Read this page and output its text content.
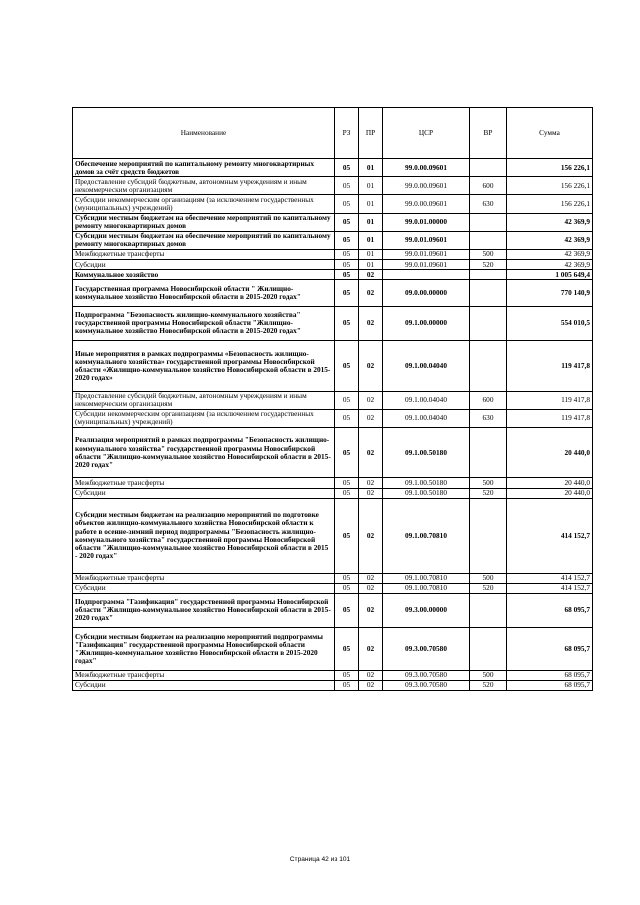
Наименование	РЗ	ПР	ЦСР	ВР	Сумма
Обеспечение мероприятий по капитальному ремонту многоквартирных домов за счёт средств бюджетов	05	01	99.0.00.09601		156 226,1
Предоставление субсидий бюджетным, автономным учреждениям и иным некоммерческим организациям	05	01	99.0.00.09601	600	156 226,1
Субсидии некоммерческим организациям (за исключением государственных (муниципальных) учреждений)	05	01	99.0.00.09601	630	156 226,1
Субсидии местным бюджетам на обеспечение мероприятий по капитальному ремонту многоквартирных домов	05	01	99.0.01.00000		42 369,9
Субсидии местным бюджетам на обеспечение мероприятий по капитальному ремонту многоквартирных домов	05	01	99.0.01.09601		42 369,9
Межбюджетные трансферты	05	01	99.0.01.09601	500	42 369,9
Субсидии	05	01	99.0.01.09601	520	42 369,9
Коммунальное хозяйство	05	02			1 005 649,4
Государственная программа Новосибирской области " Жилищно-коммунальное хозяйство Новосибирской области в 2015-2020 годах"	05	02	09.0.00.00000		770 140,9
Подпрограмма "Безопасность жилищно-коммунального хозяйства" государственной программы Новосибирской области "Жилищно-коммунальное хозяйство Новосибирской области в 2015-2020 годах"	05	02	09.1.00.00000		554 010,5
Иные мероприятия в рамках подпрограммы «Безопасность жилищно-коммунального хозяйства» государственной программы Новосибирской области «Жилищно-коммунальное хозяйство Новосибирской области в 2015-2020 годах»	05	02	09.1.00.04040		119 417,8
Предоставление субсидий бюджетным, автономным учреждениям и иным некоммерческим организациям	05	02	09.1.00.04040	600	119 417,8
Субсидии некоммерческим организациям (за исключением государственных (муниципальных) учреждений)	05	02	09.1.00.04040	630	119 417,8
Реализация мероприятий в рамках подпрограммы "Безопасность жилищно-коммунального хозяйства" государственной программы Новосибирской области "Жилищно-коммунальное хозяйство Новосибирской области в 2015-2020 годах"	05	02	09.1.00.50180		20 440,0
Межбюджетные трансферты	05	02	09.1.00.50180	500	20 440,0
Субсидии	05	02	09.1.00.50180	520	20 440,0
Субсидии местным бюджетам на реализацию мероприятий по подготовке объектов жилищно-коммунального хозяйства Новосибирской области к работе в осенне-зимний период подпрограммы "Безопасность жилищно-коммунального хозяйства" государственной программы Новосибирской области "Жилищно-коммунальное хозяйство Новосибирской области в 2015 - 2020 годах"	05	02	09.1.00.70810		414 152,7
Межбюджетные трансферты	05	02	09.1.00.70810	500	414 152,7
Субсидии	05	02	09.1.00.70810	520	414 152,7
Подпрограмма "Газификация" государственной программы Новосибирской области "Жилищно-коммунальное хозяйство Новосибирской области в 2015-2020 годах"	05	02	09.3.00.00000		68 095,7
Субсидии местным бюджетам на реализацию мероприятий подпрограммы "Газификация" государственной программы Новосибирской области "Жилищно-коммунальное хозяйство Новосибирской области в 2015-2020 годах"	05	02	09.3.00.70580		68 095,7
Межбюджетные трансферты	05	02	09.3.00.70580	500	68 095,7
Субсидии	05	02	09.3.00.70580	520	68 095,7
Страница 42 из 101
